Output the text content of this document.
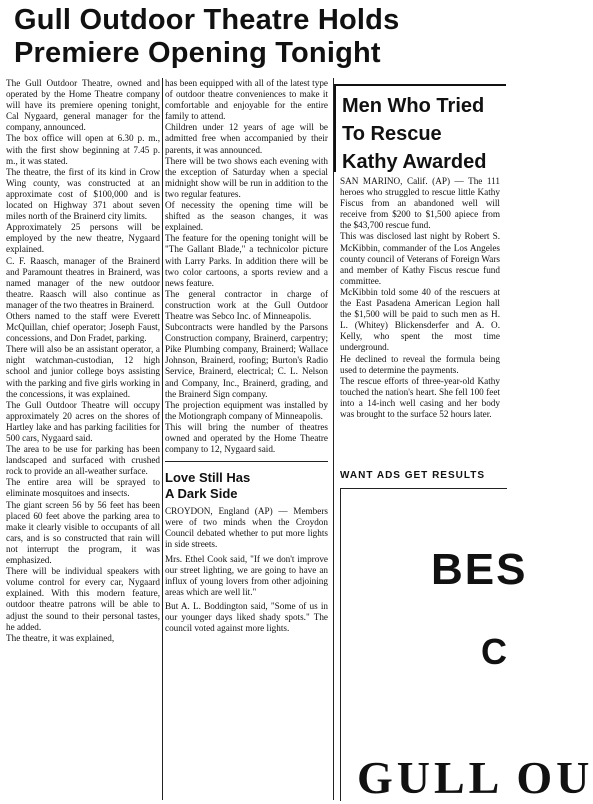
Gull Outdoor Theatre Holds
Premiere Opening Tonight

The Gull Outdoor Theatre, owned and operated by the Home Theatre company will have its premiere opening tonight, Cal Nygaard, general manager for the company, announced.

The box office will open at 6.30 p. m., with the first show beginning at 7.45 p. m., it was stated.

The theatre, the first of its kind in Crow Wing county, was constructed at an approximate cost of $100,000 and is located on Highway 371 about seven miles north of the Brainerd city limits.

Approximately 25 persons will be employed by the new theatre, Nygaard explained.

C. F. Raasch, manager of the Brainerd and Paramount theatres in Brainerd, was named manager of the new outdoor theatre. Raasch will also continue as manager of the two theatres in Brainerd.

Others named to the staff were Everett McQuillan, chief operator; Joseph Faust, concessions, and Don Fradet, parking.

There will also be an assistant operator, a night watchman-custodian, 12 high school and junior college boys assisting with the parking and five girls working in the concessions, it was explained.

The Gull Outdoor Theatre will occupy approximately 20 acres on the shores of Hartley lake and has parking facilities for 500 cars, Nygaard said.

The area to be use for parking has been landscaped and surfaced with crushed rock to provide an all-weather surface.

The entire area will be sprayed to eliminate mosquitoes and insects.

The giant screen 56 by 56 feet has been placed 60 feet above the parking area to make it clearly visible to occupants of all cars, and is so constructed that rain will not interrupt the program, it was emphasized.

There will be individual speakers with volume control for every car, Nygaard explained. With this modern feature, outdoor theatre patrons will be able to adjust the sound to their personal tastes, he added.

The theatre, it was explained,

has been equipped with all of the latest type of outdoor theatre conveniences to make it comfortable and enjoyable for the entire family to attend.

Children under 12 years of age will be admitted free when accompanied by their parents, it was announced.

There will be two shows each evening with the exception of Saturday when a special midnight show will be run in addition to the two regular features.

Of necessity the opening time will be shifted as the season changes, it was explained.

The feature for the opening tonight will be "The Gallant Blade," a technicolor picture with Larry Parks. In addition there will be two color cartoons, a sports review and a news feature.

The general contractor in charge of construction work at the Gull Outdoor Theatre was Sebco Inc. of Minneapolis.

Subcontracts were handled by the Parsons Construction company, Brainerd, carpentry; Pike Plumbing company, Brainerd; Wallace Johnson, Brainerd, roofing; Burton's Radio Service, Brainerd, electrical; C. L. Nelson and Company, Inc., Brainerd, grading, and the Brainerd Sign company.

The projection equipment was installed by the Motiongraph company of Minneapolis.

This will bring the number of theatres owned and operated by the Home Theatre company to 12, Nygaard said.

Love Still Has
A Dark Side

CROYDON, England (AP) — Members were of two minds when the Croydon Council debated whether to put more lights in side streets.

Mrs. Ethel Cook said, "If we don't improve our street lighting, we are going to have an influx of young lovers from other adjoining areas which are well lit."

But A. L. Boddington said, "Some of us in our younger days liked shady spots." The council voted against more lights.

Men Who Tried
To Rescue
Kathy Awarded

SAN MARINO, Calif. (AP) — The 111 heroes who struggled to rescue little Kathy Fiscus from an abandoned well will receive from $200 to $1,500 apiece from the $43,700 rescue fund.

This was disclosed last night by Robert S. McKibbin, commander of the Los Angeles county council of Veterans of Foreign Wars and member of Kathy Fiscus rescue fund committee.

McKibbin told some 40 of the rescuers at the East Pasadena American Legion hall the $1,500 will be paid to such men as H. L. (Whitey) Blickensderfer and A. O. Kelly, who spent the most time underground.

He declined to reveal the formula being used to determine the payments.

The rescue efforts of three-year-old Kathy touched the nation's heart. She fell 100 feet into a 14-inch well casing and her body was brought to the surface 52 hours later.

WANT ADS GET RESULTS
BES
C
GULL OU
